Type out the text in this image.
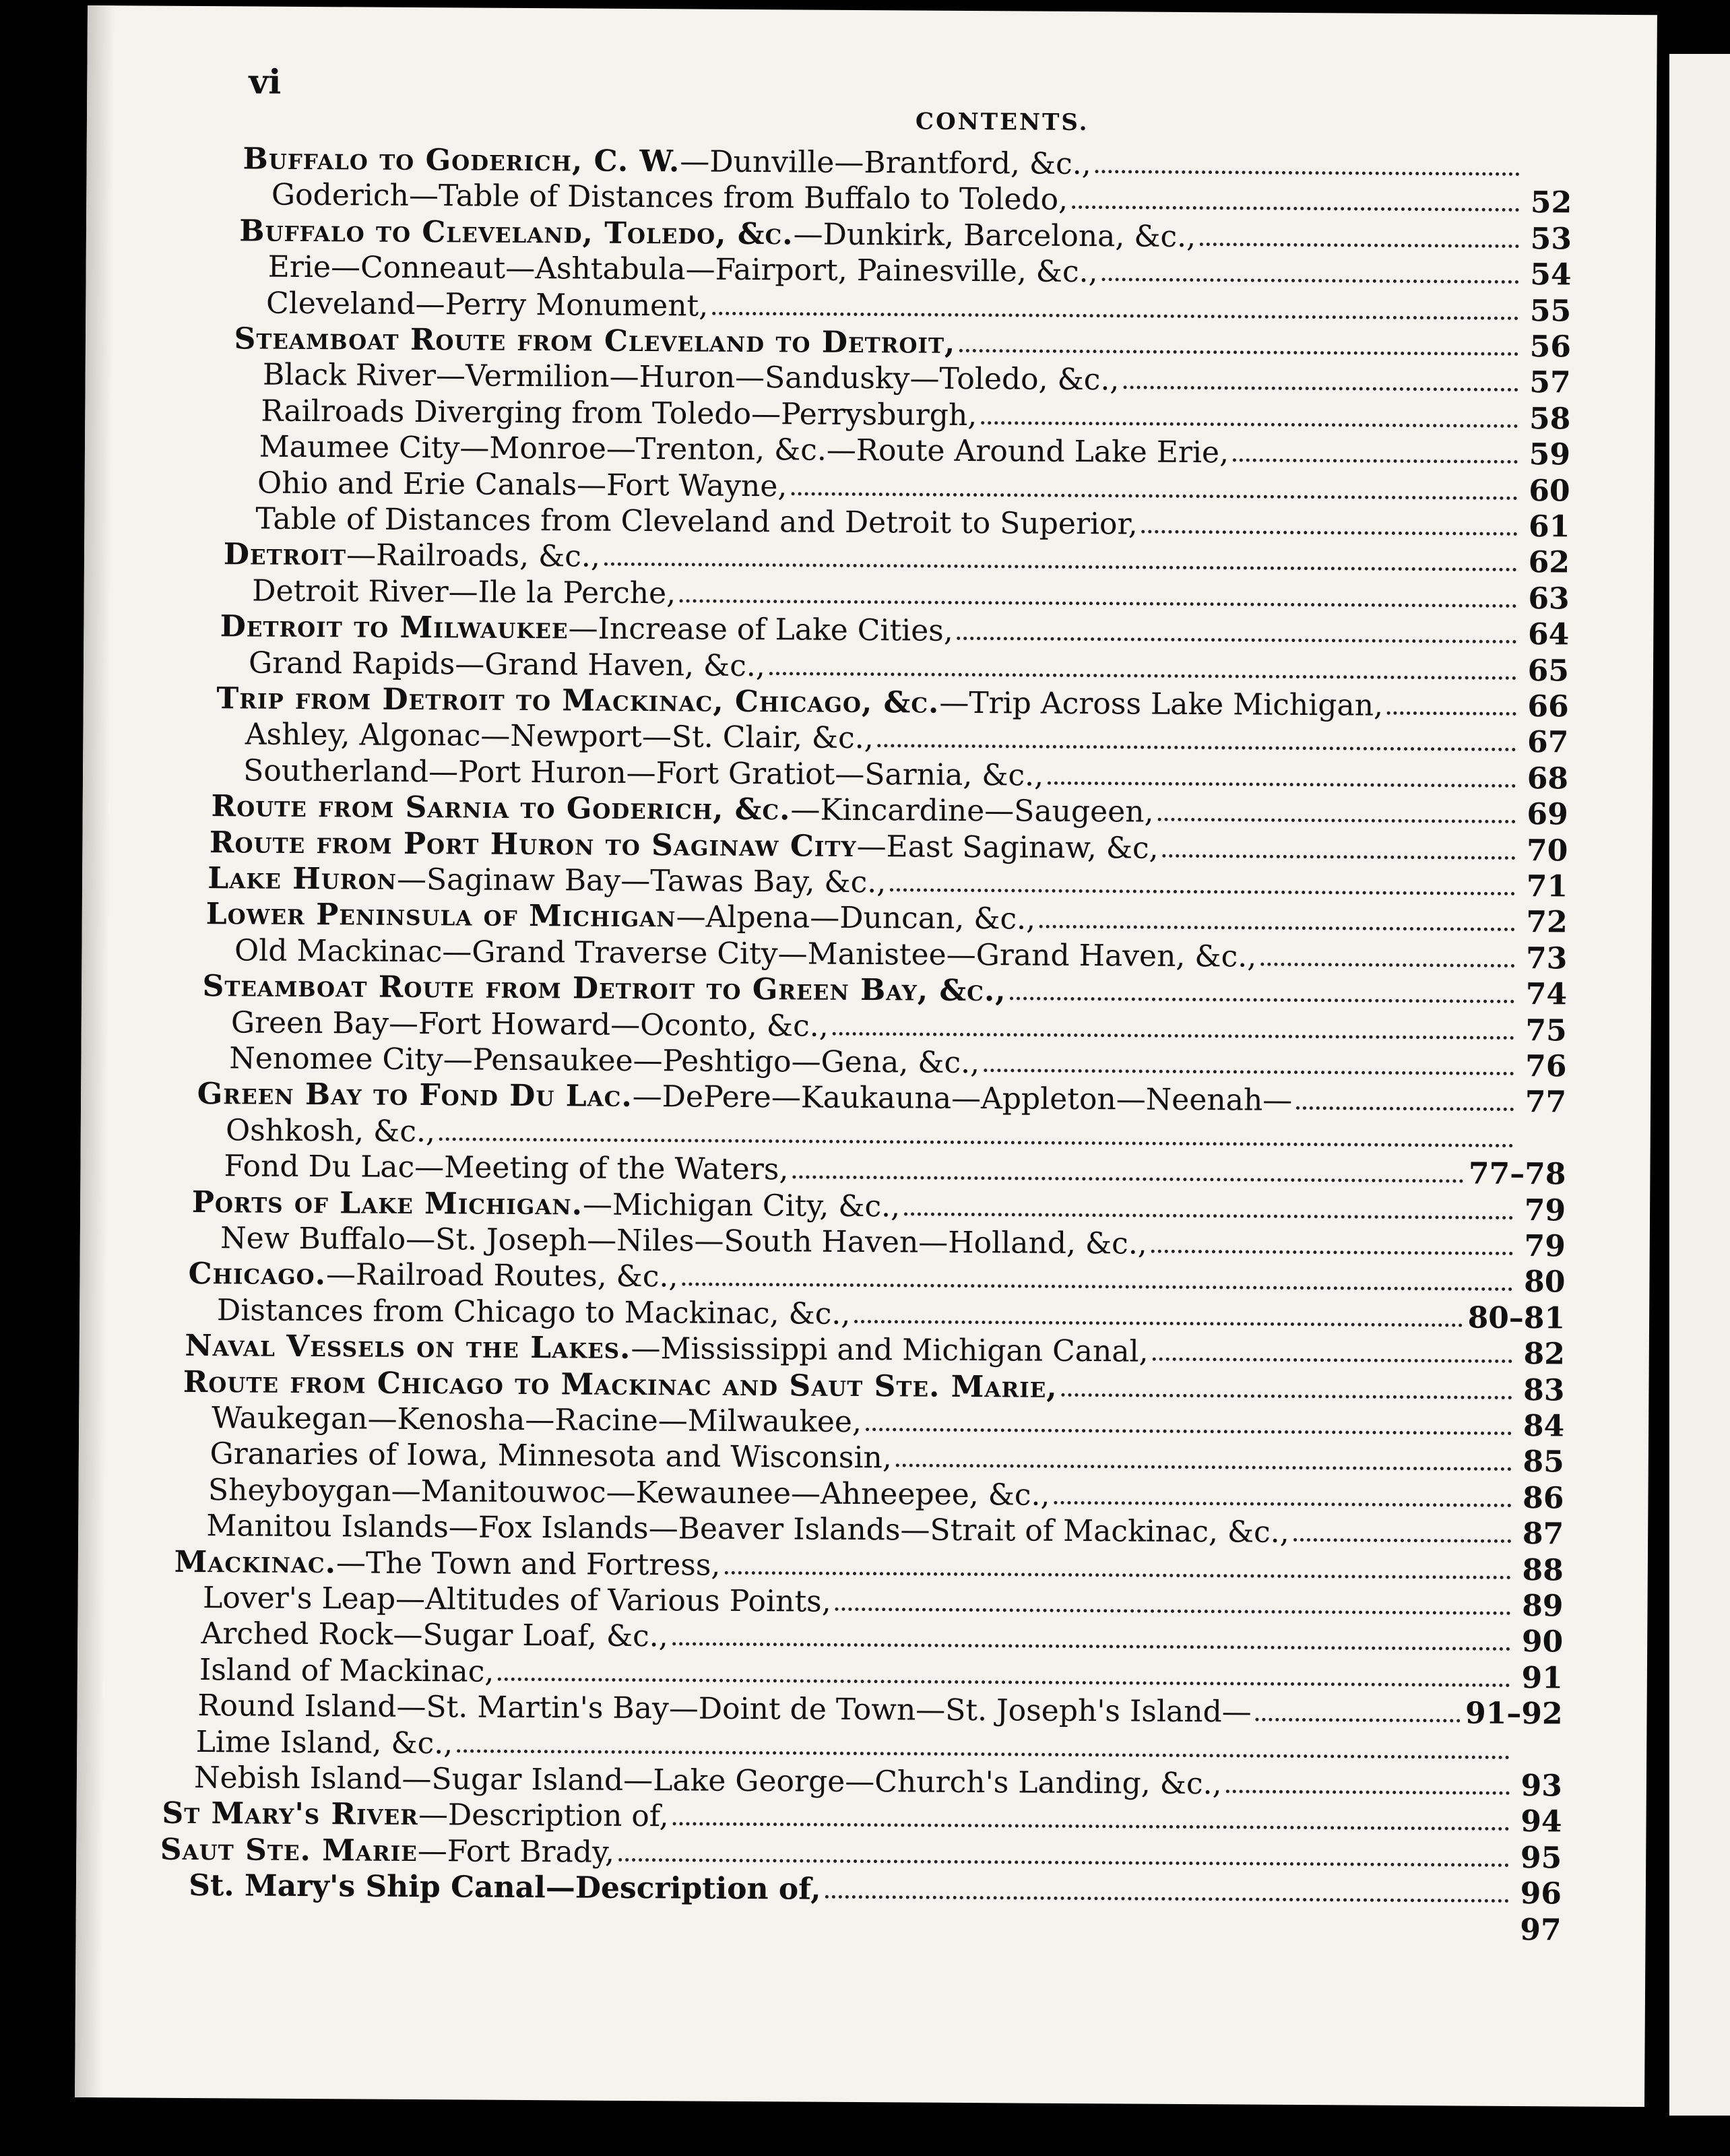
vi
CONTENTS.
Buffalo to Goderich, C. W.—Dunville—Brantford, &c.,
Goderich—Table of Distances from Buffalo to Toledo,	52
Buffalo to Cleveland, Toledo, &c.—Dunkirk, Barcelona, &c.,	53
Erie—Conneaut—Ashtabula—Fairport, Painesville, &c.,	54
Cleveland—Perry Monument,	55
Steamboat Route from Cleveland to Detroit,	56
Black River—Vermilion—Huron—Sandusky—Toledo, &c.,	57
Railroads Diverging from Toledo—Perrysburgh,	58
Maumee City—Monroe—Trenton, &c.—Route Around Lake Erie,	59
Ohio and Erie Canals—Fort Wayne,	60
Table of Distances from Cleveland and Detroit to Superior,	61
Detroit—Railroads, &c.,	62
Detroit River—Ile la Perche,	63
Detroit to Milwaukee—Increase of Lake Cities,	64
Grand Rapids—Grand Haven, &c.,	65
Trip from Detroit to Mackinac, Chicago, &c.—Trip Across Lake Michigan,	66
Ashley, Algonac—Newport—St. Clair, &c.,	67
Southerland—Port Huron—Fort Gratiot—Sarnia, &c.,	68
Route from Sarnia to Goderich, &c.—Kincardine—Saugeen,	69
Route from Port Huron to Saginaw City—East Saginaw, &c,	70
Lake Huron—Saginaw Bay—Tawas Bay, &c.,	71
Lower Peninsula of Michigan—Alpena—Duncan, &c.,	72
Old Mackinac—Grand Traverse City—Manistee—Grand Haven, &c.,	73
Steamboat Route from Detroit to Green Bay, &c.,	74
Green Bay—Fort Howard—Oconto, &c.,	75
Nenomee City—Pensaukee—Peshtigo—Gena, &c.,	76
Green Bay to Fond Du Lac.—DePere—Kaukauna—Appleton—Neenah—	77
Oshkosh, &c.,
Fond Du Lac—Meeting of the Waters,	77–78
Ports of Lake Michigan.—Michigan City, &c.,	79
New Buffalo—St. Joseph—Niles—South Haven—Holland, &c.,	79
Chicago.—Railroad Routes, &c.,	80
Distances from Chicago to Mackinac, &c.,	80–81
Naval Vessels on the Lakes.—Mississippi and Michigan Canal,	82
Route from Chicago to Mackinac and Saut Ste. Marie,	83
Waukegan—Kenosha—Racine—Milwaukee,	84
Granaries of Iowa, Minnesota and Wisconsin,	85
Sheyboygan—Manitouwoc—Kewaunee—Ahneepee, &c.,	86
Manitou Islands—Fox Islands—Beaver Islands—Strait of Mackinac, &c.,	87
Mackinac.—The Town and Fortress,	88
Lover's Leap—Altitudes of Various Points,	89
Arched Rock—Sugar Loaf, &c.,	90
Island of Mackinac,	91
Round Island—St. Martin's Bay—Doint de Town—St. Joseph's Island—	91–92
Lime Island, &c.,
Nebish Island—Sugar Island—Lake George—Church's Landing, &c.,	93
St Mary's River—Description of,	94
Saut Ste. Marie—Fort Brady,	95
St. Mary's Ship Canal—Description of,	96
97
